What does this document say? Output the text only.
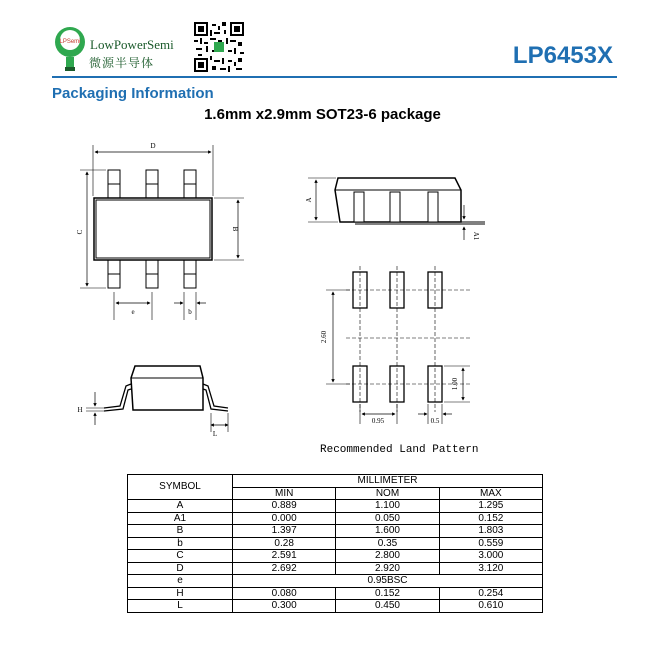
LPSemi LowPowerSemi
微源半导体	LP6453X
Packaging Information
1.6mm x2.9mm SOT23-6 package
D
C
B
e	b
A
A1
H
L
2.60
1.00
0.95	0.5
Recommended Land Pattern
SYMBOL	MILLIMETER		
	MIN	NOM	MAX
A	0.889	1.100	1.295
A1	0.000	0.050	0.152
B	1.397	1.600	1.803
b	0.28	0.35	0.559
C	2.591	2.800	3.000
D	2.692	2.920	3.120
e	0.95BSC		
H	0.080	0.152	0.254
L	0.300	0.450	0.610
